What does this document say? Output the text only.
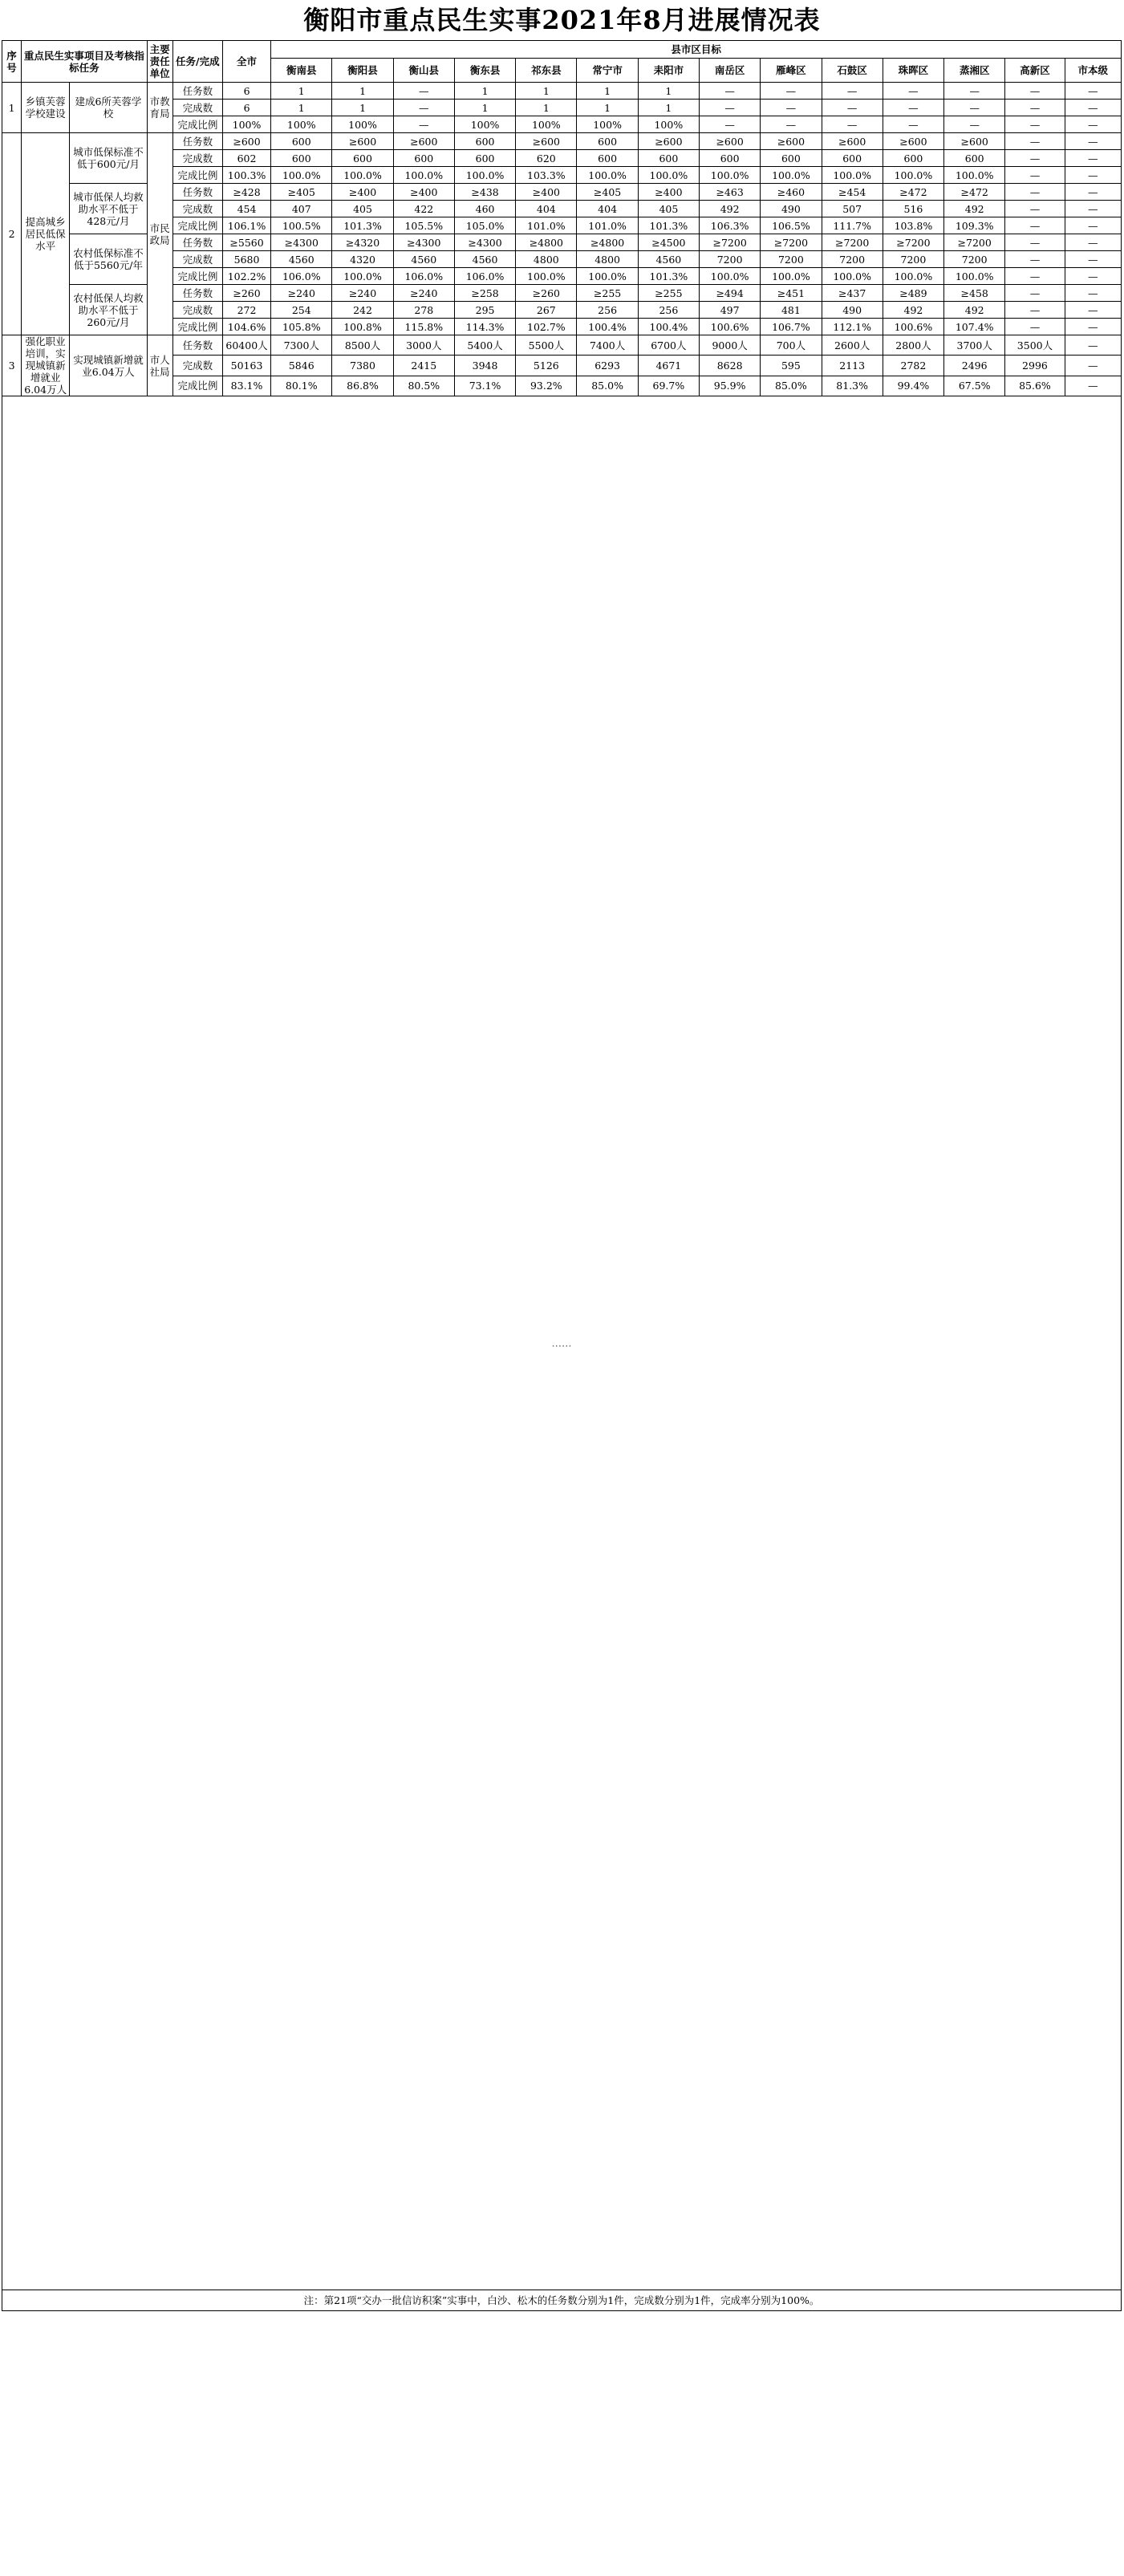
衡阳市重点民生实事2021年8月进展情况表
序号	重点民生实事项目及考核指标任务		主要责任单位	任务/完成	全市	县市区目标													
						衡南县	衡阳县	衡山县	衡东县	祁东县	常宁市	耒阳市	南岳区	雁峰区	石鼓区	珠晖区	蒸湘区	高新区	市本级
1	乡镇芙蓉学校建设	建成6所芙蓉学校	市教育局	任务数	6	1	1	—	1	1	1	1	—	—	—	—	—	—	—
				完成数	6	1	1	—	1	1	1	1	—	—	—	—	—	—	—
				完成比例	100%	100%	100%	—	100%	100%	100%	100%	—	—	—	—	—	—	—
2	提高城乡居民低保水平	城市低保标准不低于600元/月	市民政局	任务数	≥600	600	≥600	≥600	600	≥600	600	≥600	≥600	≥600	≥600	≥600	≥600	—	—
				完成数	602	600	600	600	600	620	600	600	600	600	600	600	600	—	—
				完成比例	100.3%	100.0%	100.0%	100.0%	100.0%	103.3%	100.0%	100.0%	100.0%	100.0%	100.0%	100.0%	100.0%	—	—
		城市低保人均救助水平不低于428元/月		任务数	≥428	≥405	≥400	≥400	≥438	≥400	≥405	≥400	≥463	≥460	≥454	≥472	≥472	—	—
				完成数	454	407	405	422	460	404	404	405	492	490	507	516	492	—	—
				完成比例	106.1%	100.5%	101.3%	105.5%	105.0%	101.0%	101.0%	101.3%	106.3%	106.5%	111.7%	103.8%	109.3%	—	—
		农村低保标准不低于5560元/年		任务数	≥5560	≥4300	≥4320	≥4300	≥4300	≥4800	≥4800	≥4500	≥7200	≥7200	≥7200	≥7200	≥7200	—	—
				完成数	5680	4560	4320	4560	4560	4800	4800	4560	7200	7200	7200	7200	7200	—	—
				完成比例	102.2%	106.0%	100.0%	106.0%	106.0%	100.0%	100.0%	101.3%	100.0%	100.0%	100.0%	100.0%	100.0%	—	—
		农村低保人均救助水平不低于260元/月		任务数	≥260	≥240	≥240	≥240	≥258	≥260	≥255	≥255	≥494	≥451	≥437	≥489	≥458	—	—
				完成数	272	254	242	278	295	267	256	256	497	481	490	492	492	—	—
				完成比例	104.6%	105.8%	100.8%	115.8%	114.3%	102.7%	100.4%	100.4%	100.6%	106.7%	112.1%	100.6%	107.4%	—	—
3	强化职业培训，实现城镇新增就业6.04万人	实现城镇新增就业6.04万人	市人社局	任务数	60400人	7300人	8500人	3000人	5400人	5500人	7400人	6700人	9000人	700人	2600人	2800人	3700人	3500人	—
				完成数	50163	5846	7380	2415	3948	5126	6293	4671	8628	595	2113	2782	2496	2996	—
				完成比例	83.1%	80.1%	86.8%	80.5%	73.1%	93.2%	85.0%	69.7%	95.9%	85.0%	81.3%	99.4%	67.5%	85.6%	—
……																			
注：第21项“交办一批信访积案”实事中，白沙、松木的任务数分别为1件，完成数分别为1件，完成率分别为100%。																			
